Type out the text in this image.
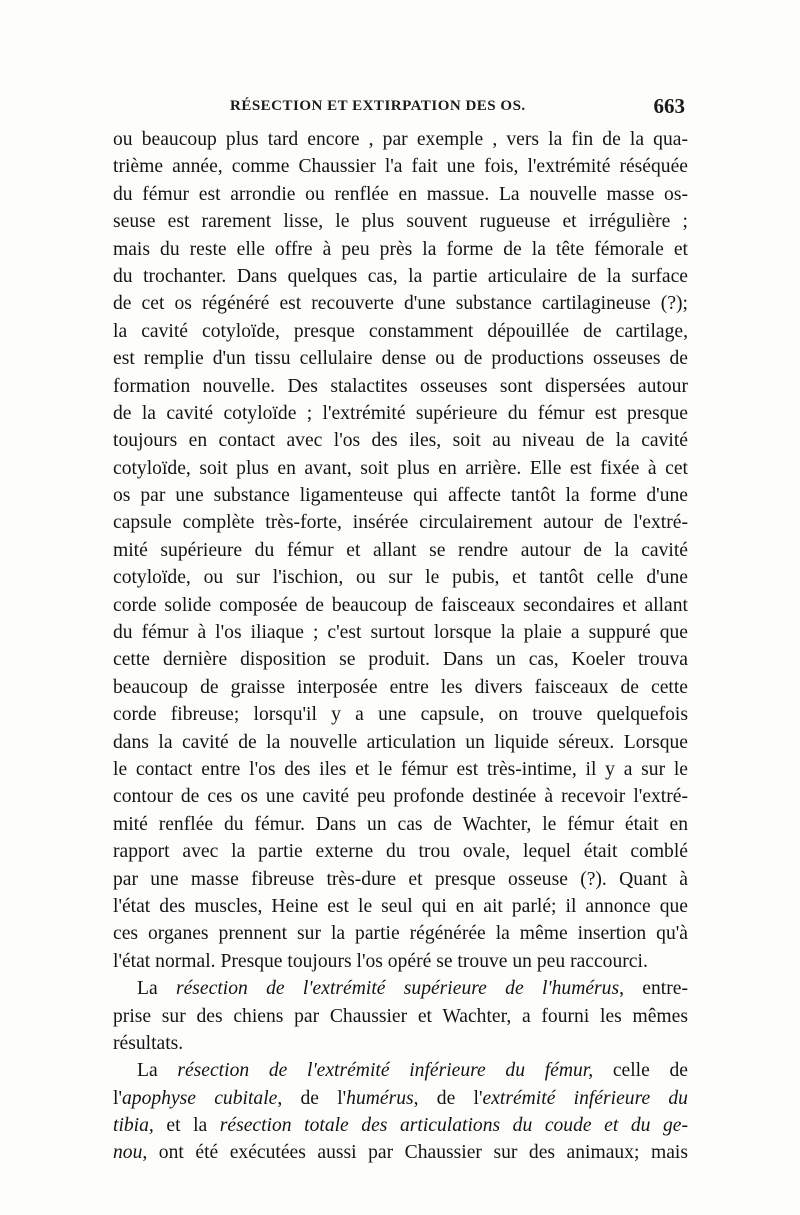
RÉSECTION ET EXTIRPATION DES OS.	663
ou beaucoup plus tard encore , par exemple , vers la fin de la qua-
trième année, comme Chaussier l'a fait une fois, l'extrémité réséquée
du fémur est arrondie ou renflée en massue. La nouvelle masse os-
seuse est rarement lisse, le plus souvent rugueuse et irrégulière ;
mais du reste elle offre à peu près la forme de la tête fémorale et
du trochanter. Dans quelques cas, la partie articulaire de la surface
de cet os régénéré est recouverte d'une substance cartilagineuse (?);
la cavité cotyloïde, presque constamment dépouillée de cartilage,
est remplie d'un tissu cellulaire dense ou de productions osseuses de
formation nouvelle. Des stalactites osseuses sont dispersées autour
de la cavité cotyloïde ; l'extrémité supérieure du fémur est presque
toujours en contact avec l'os des iles, soit au niveau de la cavité
cotyloïde, soit plus en avant, soit plus en arrière. Elle est fixée à cet
os par une substance ligamenteuse qui affecte tantôt la forme d'une
capsule complète très-forte, insérée circulairement autour de l'extré-
mité supérieure du fémur et allant se rendre autour de la cavité
cotyloïde, ou sur l'ischion, ou sur le pubis, et tantôt celle d'une
corde solide composée de beaucoup de faisceaux secondaires et allant
du fémur à l'os iliaque ; c'est surtout lorsque la plaie a suppuré que
cette dernière disposition se produit. Dans un cas, Koeler trouva
beaucoup de graisse interposée entre les divers faisceaux de cette
corde fibreuse; lorsqu'il y a une capsule, on trouve quelquefois
dans la cavité de la nouvelle articulation un liquide séreux. Lorsque
le contact entre l'os des iles et le fémur est très-intime, il y a sur le
contour de ces os une cavité peu profonde destinée à recevoir l'extré-
mité renflée du fémur. Dans un cas de Wachter, le fémur était en
rapport avec la partie externe du trou ovale, lequel était comblé
par une masse fibreuse très-dure et presque osseuse (?). Quant à
l'état des muscles, Heine est le seul qui en ait parlé; il annonce que
ces organes prennent sur la partie régénérée la même insertion qu'à
l'état normal. Presque toujours l'os opéré se trouve un peu raccourci.
La résection de l'extrémité supérieure de l'humérus, entre-
prise sur des chiens par Chaussier et Wachter, a fourni les mêmes
résultats.
La résection de l'extrémité inférieure du fémur, celle de
l'apophyse cubitale, de l'humérus, de l'extrémité inférieure du
tibia, et la résection totale des articulations du coude et du ge-
nou, ont été exécutées aussi par Chaussier sur des animaux; mais
